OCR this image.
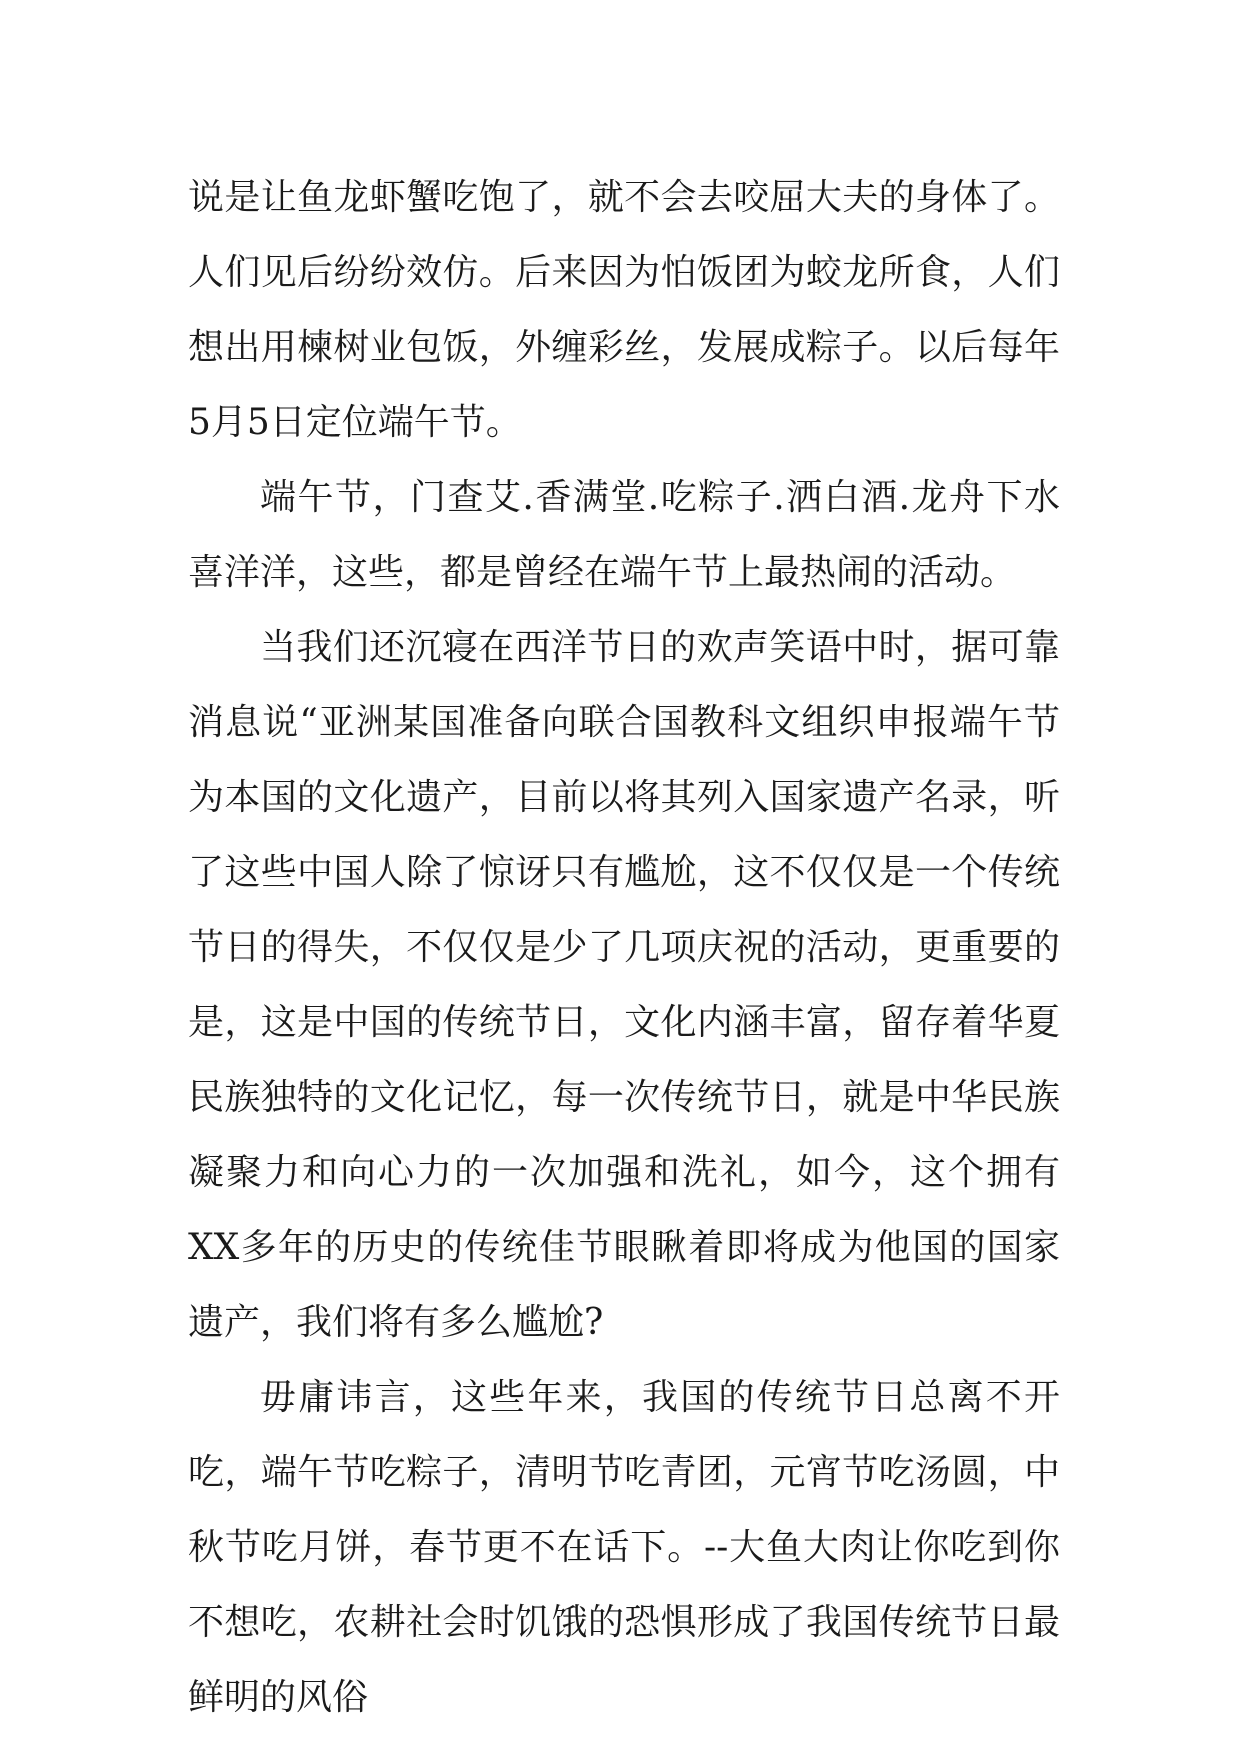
说是让鱼龙虾蟹吃饱了，就不会去咬屈大夫的身体了。人们见后纷纷效仿。后来因为怕饭团为蛟龙所食，人们想出用楝树业包饭，外缠彩丝，发展成粽子。以后每年5月5日定位端午节。

端午节，门查艾.香满堂.吃粽子.洒白酒.龙舟下水喜洋洋，这些，都是曾经在端午节上最热闹的活动。

当我们还沉寝在西洋节日的欢声笑语中时，据可靠消息说“亚洲某国准备向联合国教科文组织申报端午节为本国的文化遗产，目前以将其列入国家遗产名录，听了这些中国人除了惊讶只有尴尬，这不仅仅是一个传统节日的得失，不仅仅是少了几项庆祝的活动，更重要的是，这是中国的传统节日，文化内涵丰富，留存着华夏民族独特的文化记忆，每一次传统节日，就是中华民族凝聚力和向心力的一次加强和洗礼，如今，这个拥有XX多年的历史的传统佳节眼瞅着即将成为他国的国家遗产，我们将有多么尴尬?

毋庸讳言，这些年来，我国的传统节日总离不开吃，端午节吃粽子，清明节吃青团，元宵节吃汤圆，中秋节吃月饼，春节更不在话下。--大鱼大肉让你吃到你不想吃，农耕社会时饥饿的恐惧形成了我国传统节日最鲜明的风俗
